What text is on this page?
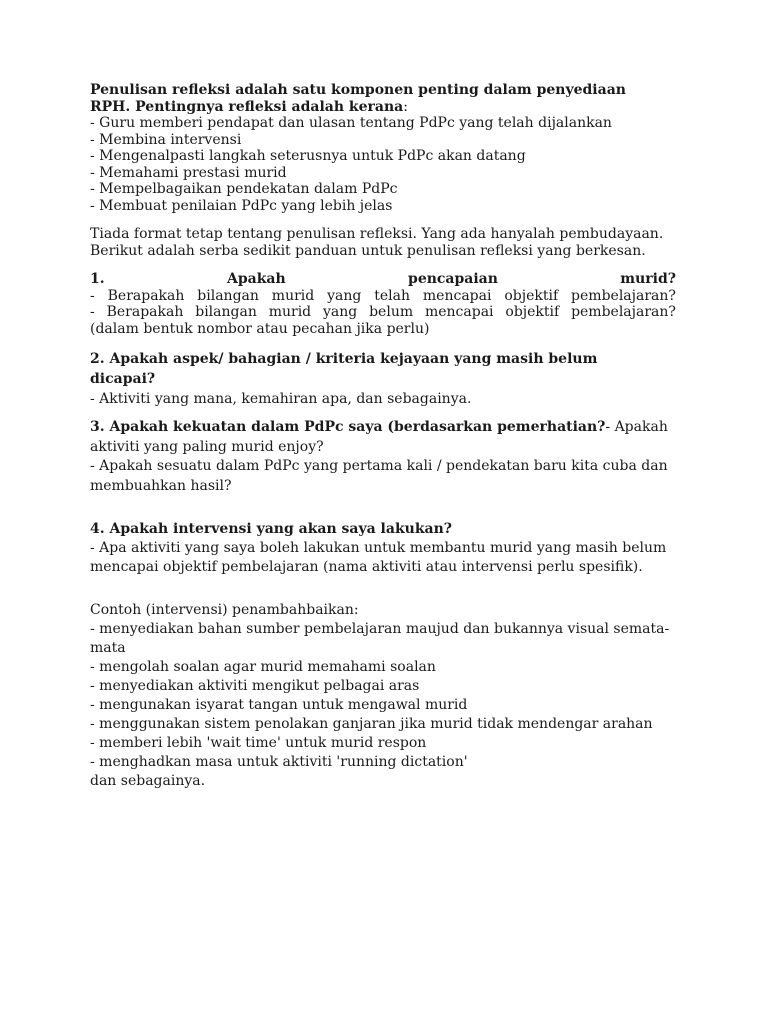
Penulisan refleksi adalah satu komponen penting dalam penyediaan
RPH. Pentingnya refleksi adalah kerana:
- Guru memberi pendapat dan ulasan tentang PdPc yang telah dijalankan
- Membina intervensi
- Mengenalpasti langkah seterusnya untuk PdPc akan datang
- Memahami prestasi murid
- Mempelbagaikan pendekatan dalam PdPc
- Membuat penilaian PdPc yang lebih jelas
Tiada format tetap tentang penulisan refleksi. Yang ada hanyalah pembudayaan.
Berikut adalah serba sedikit panduan untuk penulisan refleksi yang berkesan.
1.	Apakah	pencapaian	murid?
- Berapakah bilangan murid yang telah mencapai objektif pembelajaran?
- Berapakah bilangan murid yang belum mencapai objektif pembelajaran?
(dalam bentuk nombor atau pecahan jika perlu)
2. Apakah aspek/ bahagian / kriteria kejayaan yang masih belum
dicapai?
- Aktiviti yang mana, kemahiran apa, dan sebagainya.
3. Apakah kekuatan dalam PdPc saya (berdasarkan pemerhatian?- Apakah
aktiviti yang paling murid enjoy?
- Apakah sesuatu dalam PdPc yang pertama kali / pendekatan baru kita cuba dan
membuahkan hasil?
4. Apakah intervensi yang akan saya lakukan?
- Apa aktiviti yang saya boleh lakukan untuk membantu murid yang masih belum
mencapai objektif pembelajaran (nama aktiviti atau intervensi perlu spesifik).
Contoh (intervensi) penambahbaikan:
- menyediakan bahan sumber pembelajaran maujud dan bukannya visual semata-
mata
- mengolah soalan agar murid memahami soalan
- menyediakan aktiviti mengikut pelbagai aras
- mengunakan isyarat tangan untuk mengawal murid
- menggunakan sistem penolakan ganjaran jika murid tidak mendengar arahan
- memberi lebih 'wait time' untuk murid respon
- menghadkan masa untuk aktiviti 'running dictation'
dan sebagainya.
